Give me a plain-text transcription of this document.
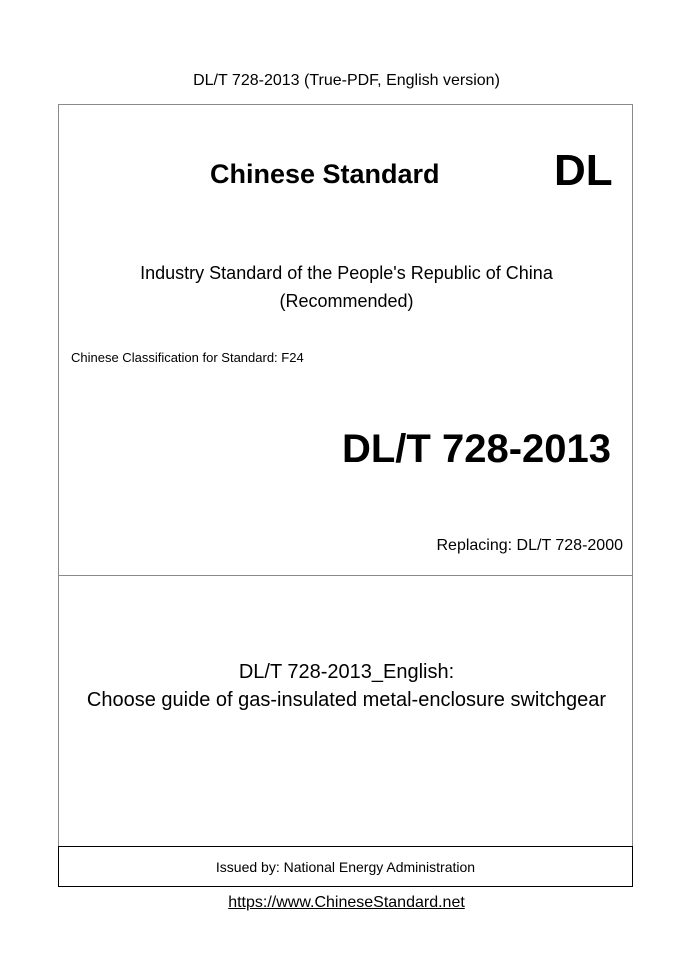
DL/T 728-2013 (True-PDF, English version)
Issued by: National Energy Administration
Chinese Standard	DL
Industry Standard of the People's Republic of China
(Recommended)
Chinese Classification for Standard: F24
DL/T 728-2013
Replacing: DL/T 728-2000
DL/T 728-2013_English:
Choose guide of gas-insulated metal-enclosure switchgear
https://www.ChineseStandard.net
